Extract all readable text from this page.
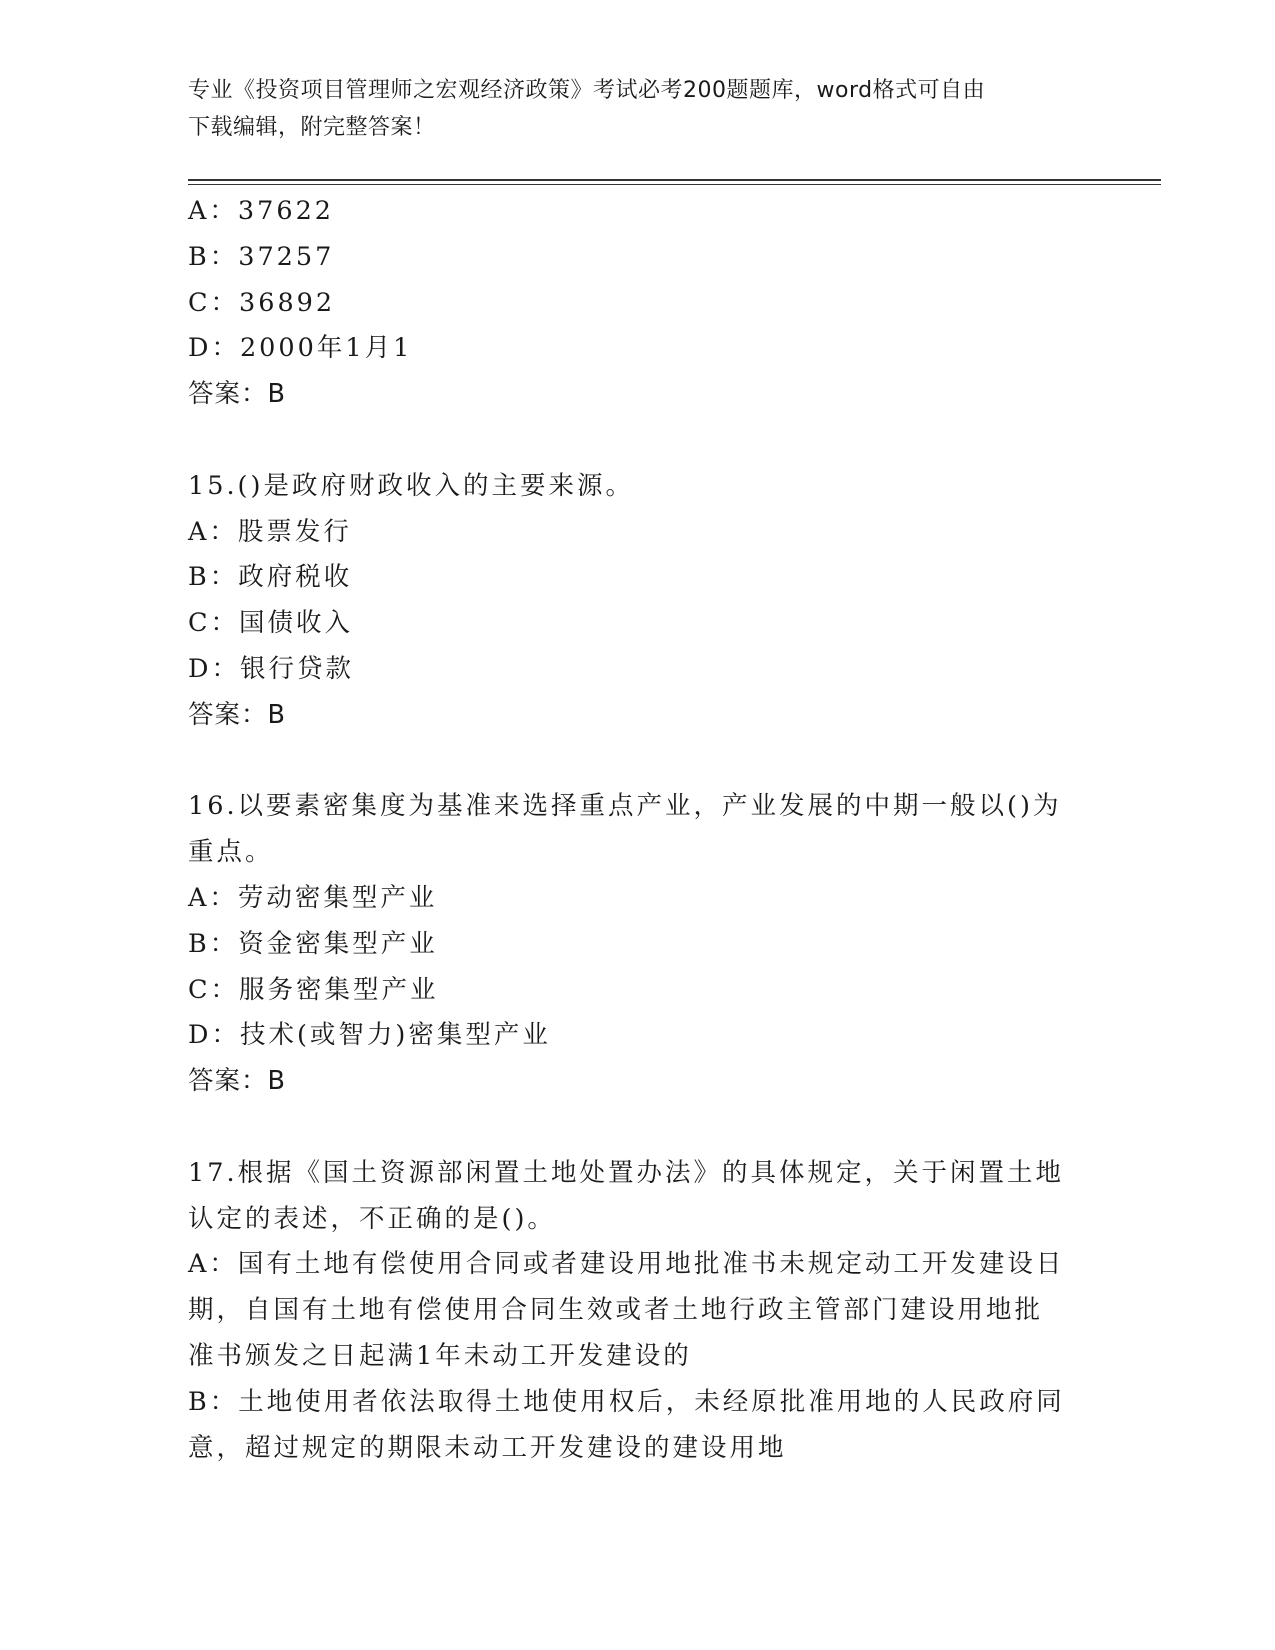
专业《投资项目管理师之宏观经济政策》考试必考200题题库，word格式可自由
下载编辑，附完整答案！

A：37622

B：37257

C：36892

D：2000年1月1

答案：B

15.()是政府财政收入的主要来源。

A：股票发行

B：政府税收

C：国债收入

D：银行贷款

答案：B

16.以要素密集度为基准来选择重点产业，产业发展的中期一般以()为

重点。

A：劳动密集型产业

B：资金密集型产业

C：服务密集型产业

D：技术(或智力)密集型产业

答案：B

17.根据《国土资源部闲置土地处置办法》的具体规定，关于闲置土地

认定的表述，不正确的是()。

A：国有土地有偿使用合同或者建设用地批准书未规定动工开发建设日

期，自国有土地有偿使用合同生效或者土地行政主管部门建设用地批

准书颁发之日起满1年未动工开发建设的

B：土地使用者依法取得土地使用权后，未经原批准用地的人民政府同

意，超过规定的期限未动工开发建设的建设用地
